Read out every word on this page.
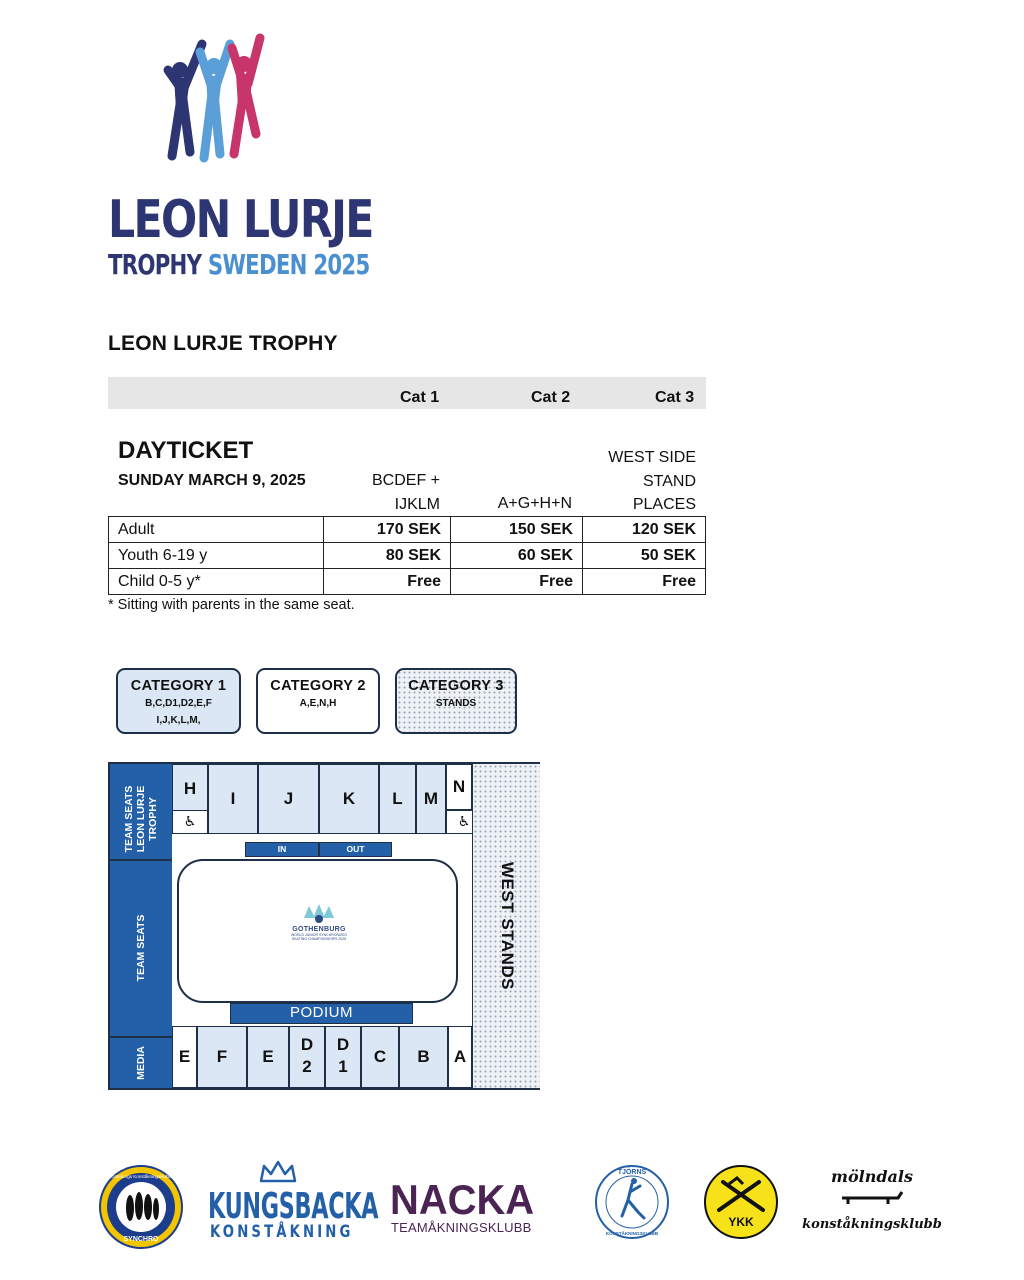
LEON LURJE
TROPHY SWEDEN 2025
LEON LURJE TROPHY
Cat 1	Cat 2	Cat 3
DAYTICKET
SUNDAY MARCH 9, 2025	BCDEF +
IJKLM	A+G+H+N
WEST SIDE
STAND
PLACES
Adult	170 SEK	150 SEK	120 SEK
Youth 6-19 y	80 SEK	60 SEK	50 SEK
Child 0-5 y*	Free	Free	Free
* Sitting with parents in the same seat.
CATEGORY 1
B,C,D1,D2,E,F
I,J,K,L,M,
CATEGORY 2
A,E,N,H
CATEGORY 3
STANDS
TEAM SEATS LEON LURJE TROPHY
TEAM SEATS
MEDIA
H
♿
I	J	K	L	M
N
♿
WEST STANDS
IN	OUT
GOTHENBURG
WORLD JUNIOR SYNCHRONIZED
SKATING CHAMPIONSHIPS 2025
PODIUM
E	F	E
D
2
D
1
C	B	A
SYNCHRO
Göteborgs Konståkningsklubb
KUNGSBACKA
KONSTÅKNING
NACKA
TEAMÅKNINGSKLUBB
TJÖRNS
KONSTÅKNINGSKLUBB
YKK
mölndals
konståkningsklubb
